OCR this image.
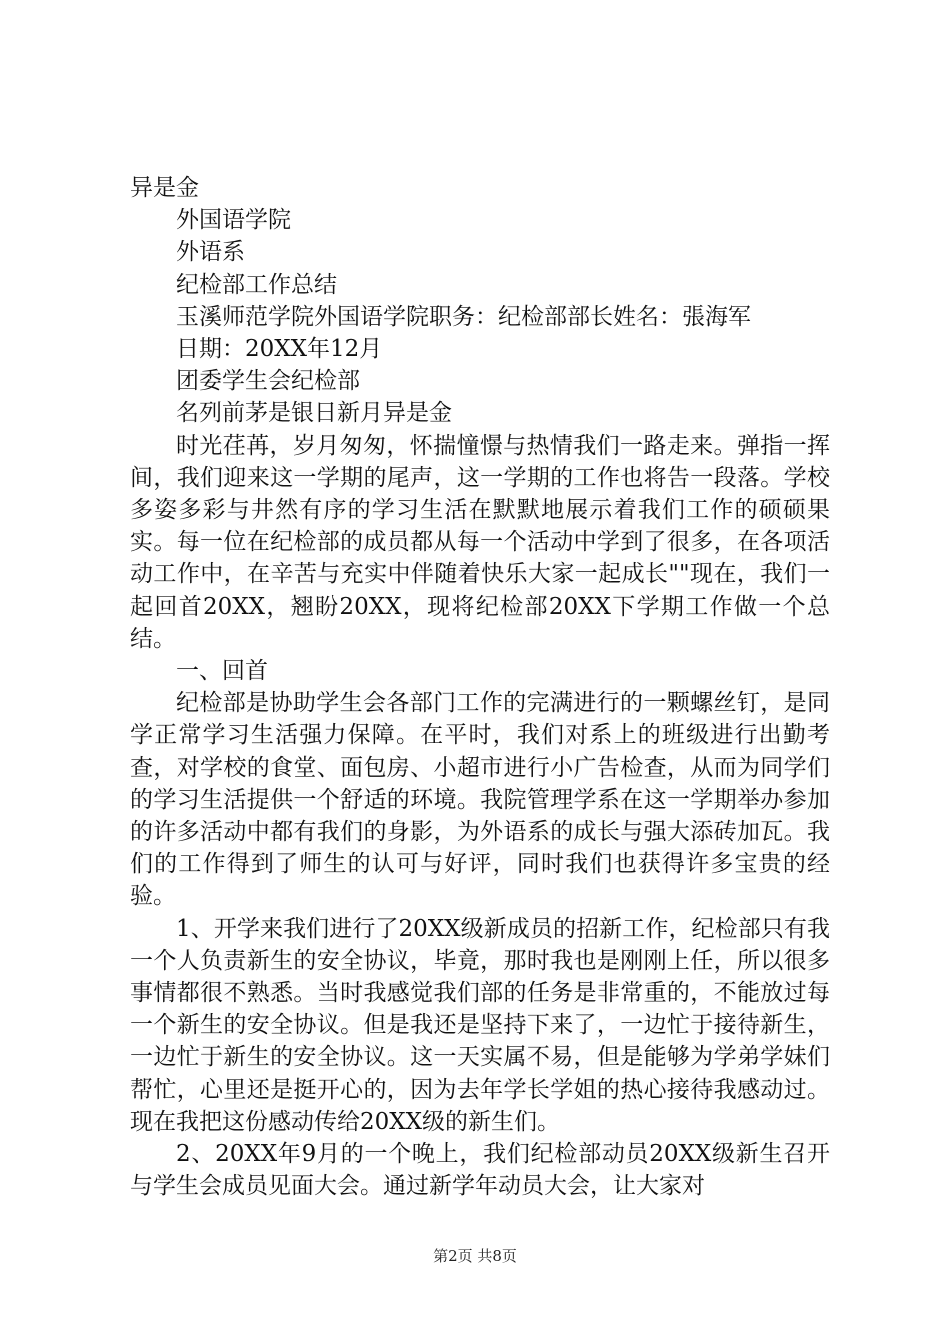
异是金

外国语学院

外语系

纪检部工作总结

玉溪师范学院外国语学院职务：纪检部部长姓名：張海军

日期：20XX年12月

团委学生会纪检部

名列前茅是银日新月异是金

时光荏苒，岁月匆匆，怀揣憧憬与热情我们一路走来。弹指一挥间，我们迎来这一学期的尾声，这一学期的工作也将告一段落。学校多姿多彩与井然有序的学习生活在默默地展示着我们工作的硕硕果实。每一位在纪检部的成员都从每一个活动中学到了很多，在各项活动工作中，在辛苦与充实中伴随着快乐大家一起成长""现在，我们一起回首20XX，翘盼20XX，现将纪检部20XX下学期工作做一个总结。

一、回首

纪检部是协助学生会各部门工作的完满进行的一颗螺丝钉，是同学正常学习生活强力保障。在平时，我们对系上的班级进行出勤考查，对学校的食堂、面包房、小超市进行小广告检查，从而为同学们的学习生活提供一个舒适的环境。我院管理学系在这一学期举办参加的许多活动中都有我们的身影，为外语系的成长与强大添砖加瓦。我们的工作得到了师生的认可与好评，同时我们也获得许多宝贵的经验。

1、开学来我们进行了20XX级新成员的招新工作，纪检部只有我一个人负责新生的安全协议，毕竟，那时我也是刚刚上任，所以很多事情都很不熟悉。当时我感觉我们部的任务是非常重的，不能放过每一个新生的安全协议。但是我还是坚持下来了，一边忙于接待新生，一边忙于新生的安全协议。这一天实属不易，但是能够为学弟学妹们帮忙，心里还是挺开心的，因为去年学长学姐的热心接待我感动过。现在我把这份感动传给20XX级的新生们。

2、20XX年9月的一个晚上，我们纪检部动员20XX级新生召开与学生会成员见面大会。通过新学年动员大会，让大家对

第2页 共8页
